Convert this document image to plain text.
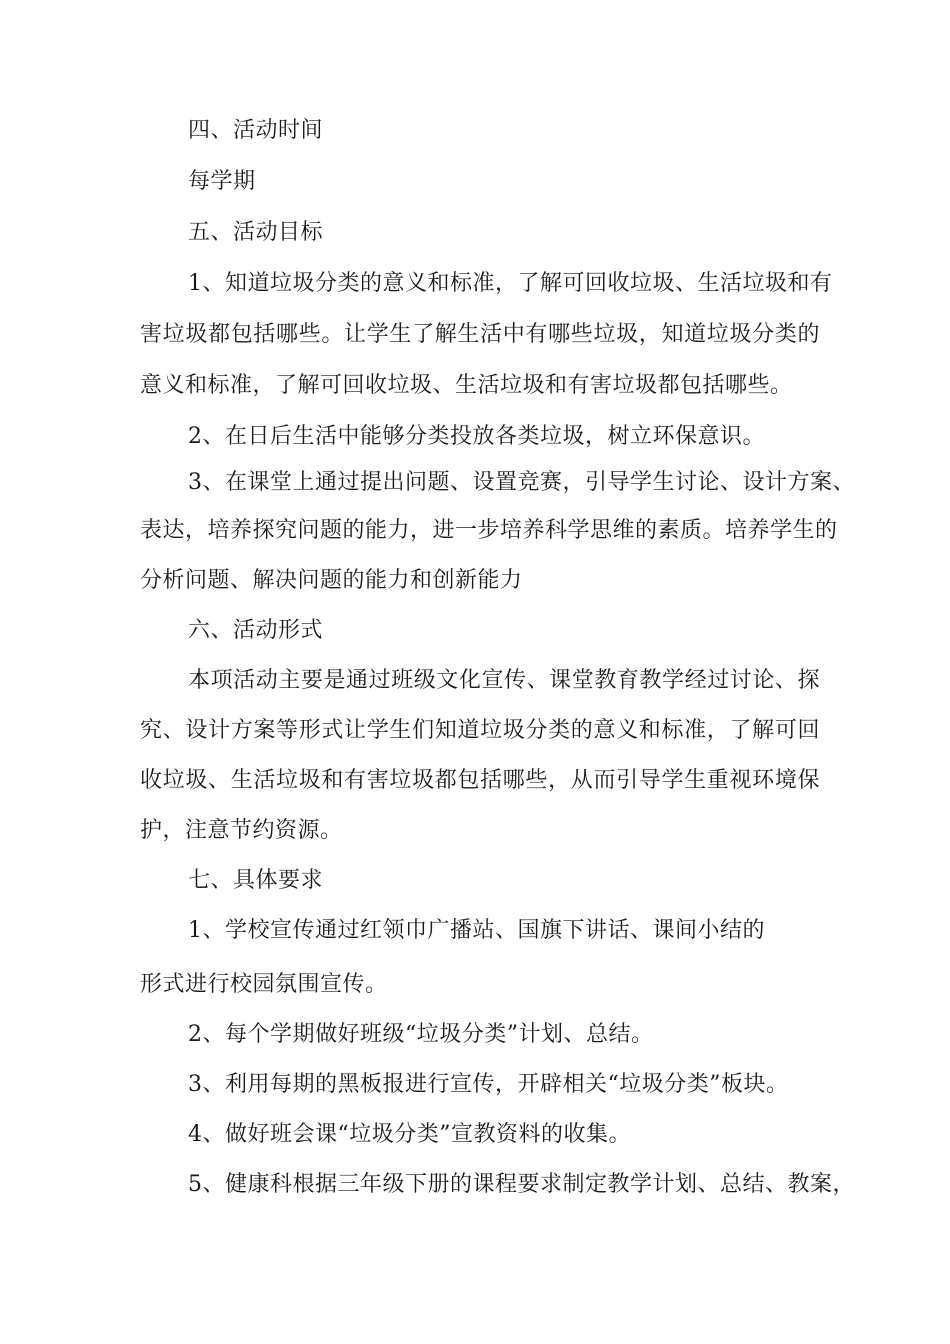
四、活动时间
每学期
五、活动目标
1、知道垃圾分类的意义和标准，了解可回收垃圾、生活垃圾和有
害垃圾都包括哪些。让学生了解生活中有哪些垃圾，知道垃圾分类的
意义和标准，了解可回收垃圾、生活垃圾和有害垃圾都包括哪些。
2、在日后生活中能够分类投放各类垃圾，树立环保意识。
3、在课堂上通过提出问题、设置竞赛，引导学生讨论、设计方案、
表达，培养探究问题的能力，进一步培养科学思维的素质。培养学生的
分析问题、解决问题的能力和创新能力
六、活动形式
本项活动主要是通过班级文化宣传、课堂教育教学经过讨论、探
究、设计方案等形式让学生们知道垃圾分类的意义和标准，了解可回
收垃圾、生活垃圾和有害垃圾都包括哪些，从而引导学生重视环境保
护，注意节约资源。
七、具体要求
1、学校宣传通过红领巾广播站、国旗下讲话、课间小结的
形式进行校园氛围宣传。
2、每个学期做好班级“垃圾分类”计划、总结。
3、利用每期的黑板报进行宣传，开辟相关“垃圾分类”板块。
4、做好班会课“垃圾分类”宣教资料的收集。
5、健康科根据三年级下册的课程要求制定教学计划、总结、教案，
